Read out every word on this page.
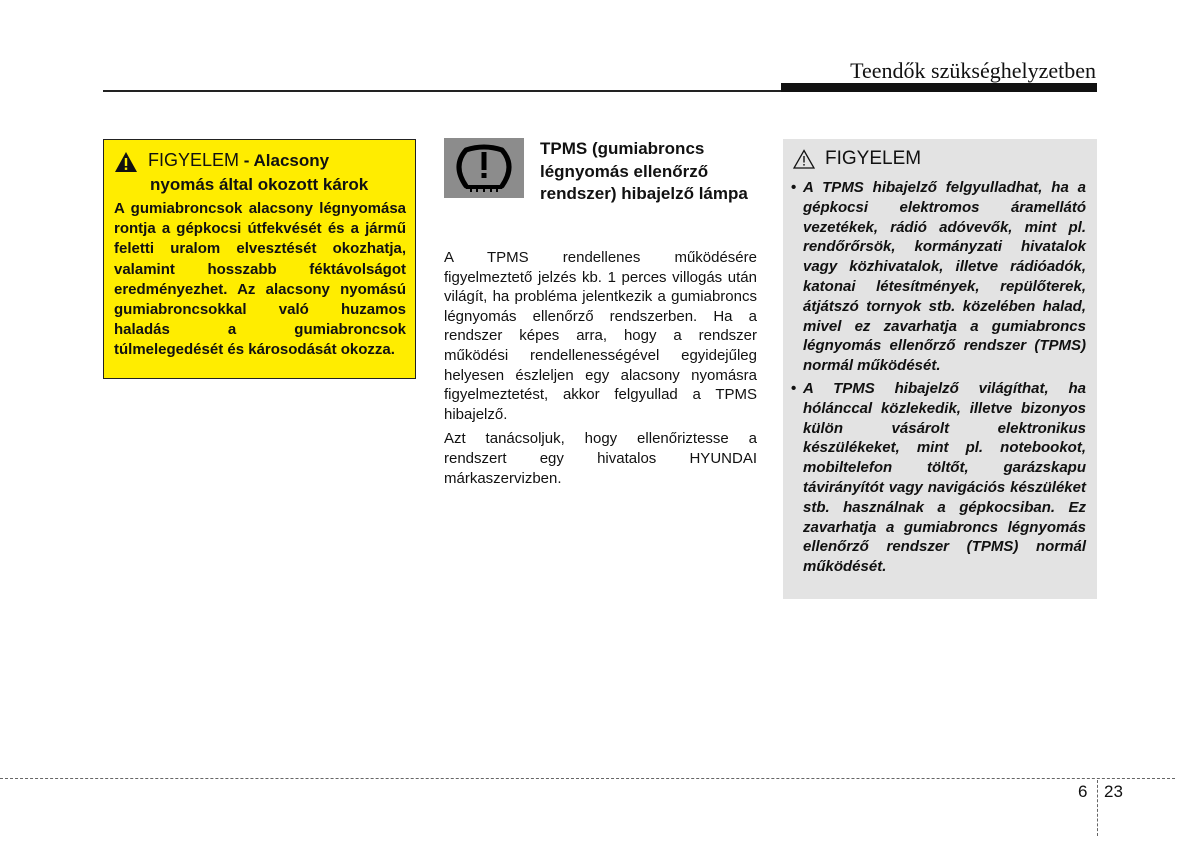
Teendők szükséghelyzetben
FIGYELEM - Alacsony
nyomás által okozott károk
A gumiabroncsok alacsony légnyomása rontja a gépkocsi útfekvését és a jármű feletti uralom elvesztését okozhatja, valamint hosszabb féktávolságot eredményezhet. Az alacsony nyomású gumiabroncsokkal való huzamos haladás a gumiabroncsok túlmelegedését és károsodását okozza.
TPMS (gumiabroncs légnyomás ellenőrző rendszer) hibajelző lámpa

A TPMS rendellenes működésére figyelmeztető jelzés kb. 1 perces villogás után világít, ha probléma jelentkezik a gumiabroncs légnyomás ellenőrző rendszerben. Ha a rendszer képes arra, hogy a rendszer működési rendellenességével egyidejűleg helyesen észleljen egy alacsony nyomásra figyelmeztetést, akkor felgyullad a TPMS hibajelző.

Azt tanácsoljuk, hogy ellenőriztesse a rendszert egy hivatalos HYUNDAI márkaszervizben.

FIGYELEM
• A TPMS hibajelző felgyulladhat, ha a gépkocsi elektromos áramellátó vezetékek, rádió adóvevők, mint pl. rendőrőrsök, kormányzati hivatalok vagy közhivatalok, illetve rádióadók, katonai létesítmények, repülőterek, átjátszó tornyok stb. közelében halad, mivel ez zavarhatja a gumiabroncs légnyomás ellenőrző rendszer (TPMS) normál működését.
• A TPMS hibajelző világíthat, ha hólánccal közlekedik, illetve bizonyos külön vásárolt elektronikus készülékeket, mint pl. notebookot, mobiltelefon töltőt, garázskapu távirányítót vagy navigációs készüléket stb. használnak a gépkocsiban. Ez zavarhatja a gumiabroncs légnyomás ellenőrző rendszer (TPMS) normál működését.
6 23
